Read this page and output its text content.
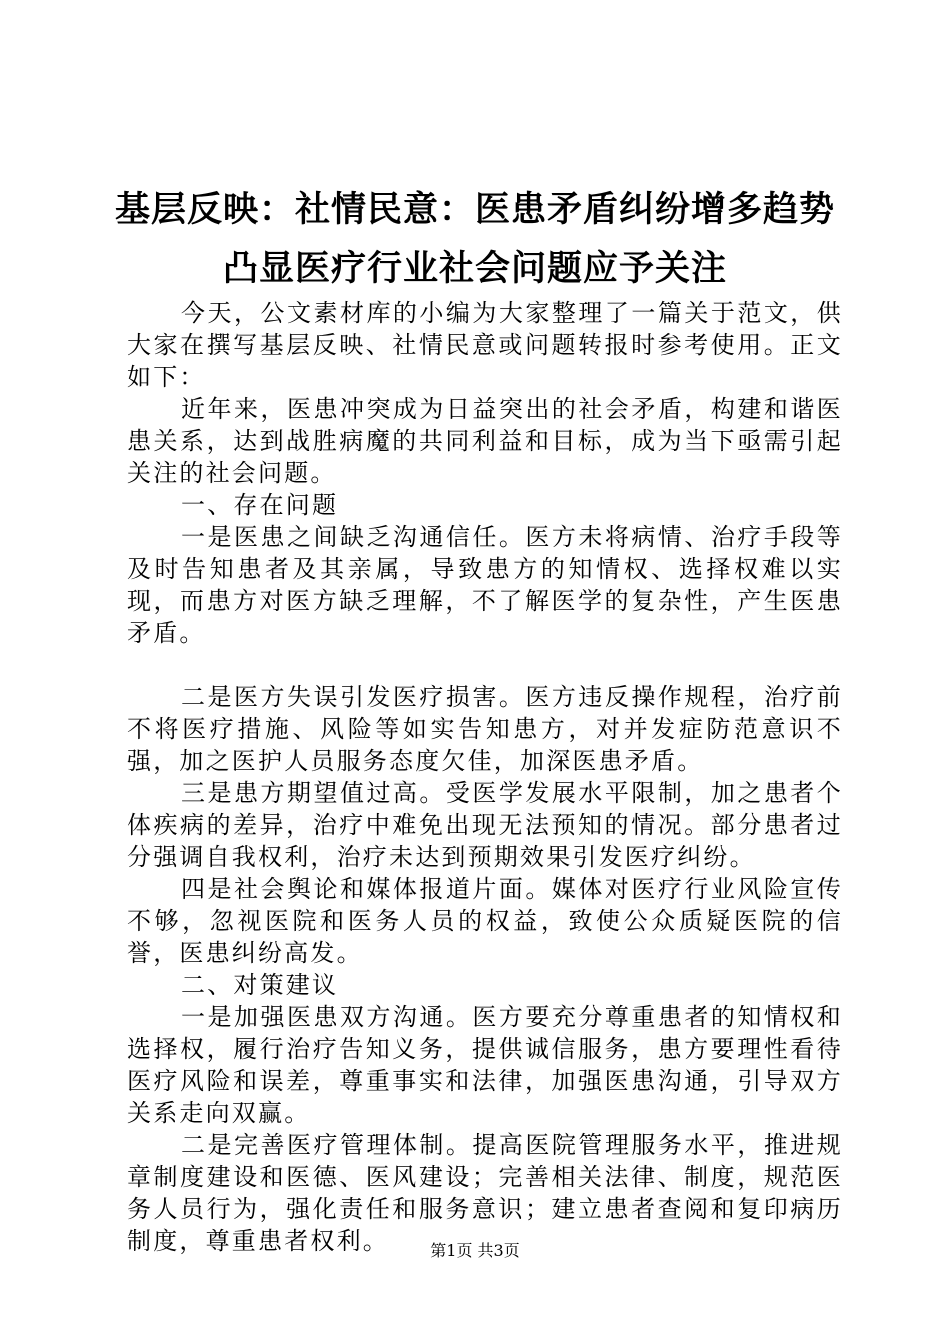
基层反映：社情民意：医患矛盾纠纷增多趋势
凸显医疗行业社会问题应予关注

今天，公文素材库的小编为大家整理了一篇关于范文，供大家在撰写基层反映、社情民意或问题转报时参考使用。正文如下：

近年来，医患冲突成为日益突出的社会矛盾，构建和谐医患关系，达到战胜病魔的共同利益和目标，成为当下亟需引起关注的社会问题。

一、存在问题

一是医患之间缺乏沟通信任。医方未将病情、治疗手段等及时告知患者及其亲属，导致患方的知情权、选择权难以实现，而患方对医方缺乏理解，不了解医学的复杂性，产生医患矛盾。

二是医方失误引发医疗损害。医方违反操作规程，治疗前不将医疗措施、风险等如实告知患方，对并发症防范意识不强，加之医护人员服务态度欠佳，加深医患矛盾。

三是患方期望值过高。受医学发展水平限制，加之患者个体疾病的差异，治疗中难免出现无法预知的情况。部分患者过分强调自我权利，治疗未达到预期效果引发医疗纠纷。

四是社会舆论和媒体报道片面。媒体对医疗行业风险宣传不够，忽视医院和医务人员的权益，致使公众质疑医院的信誉，医患纠纷高发。

二、对策建议

一是加强医患双方沟通。医方要充分尊重患者的知情权和选择权，履行治疗告知义务，提供诚信服务，患方要理性看待医疗风险和误差，尊重事实和法律，加强医患沟通，引导双方关系走向双赢。

二是完善医疗管理体制。提高医院管理服务水平，推进规章制度建设和医德、医风建设；完善相关法律、制度，规范医务人员行为，强化责任和服务意识；建立患者查阅和复印病历制度，尊重患者权利。	第1页 共3页
